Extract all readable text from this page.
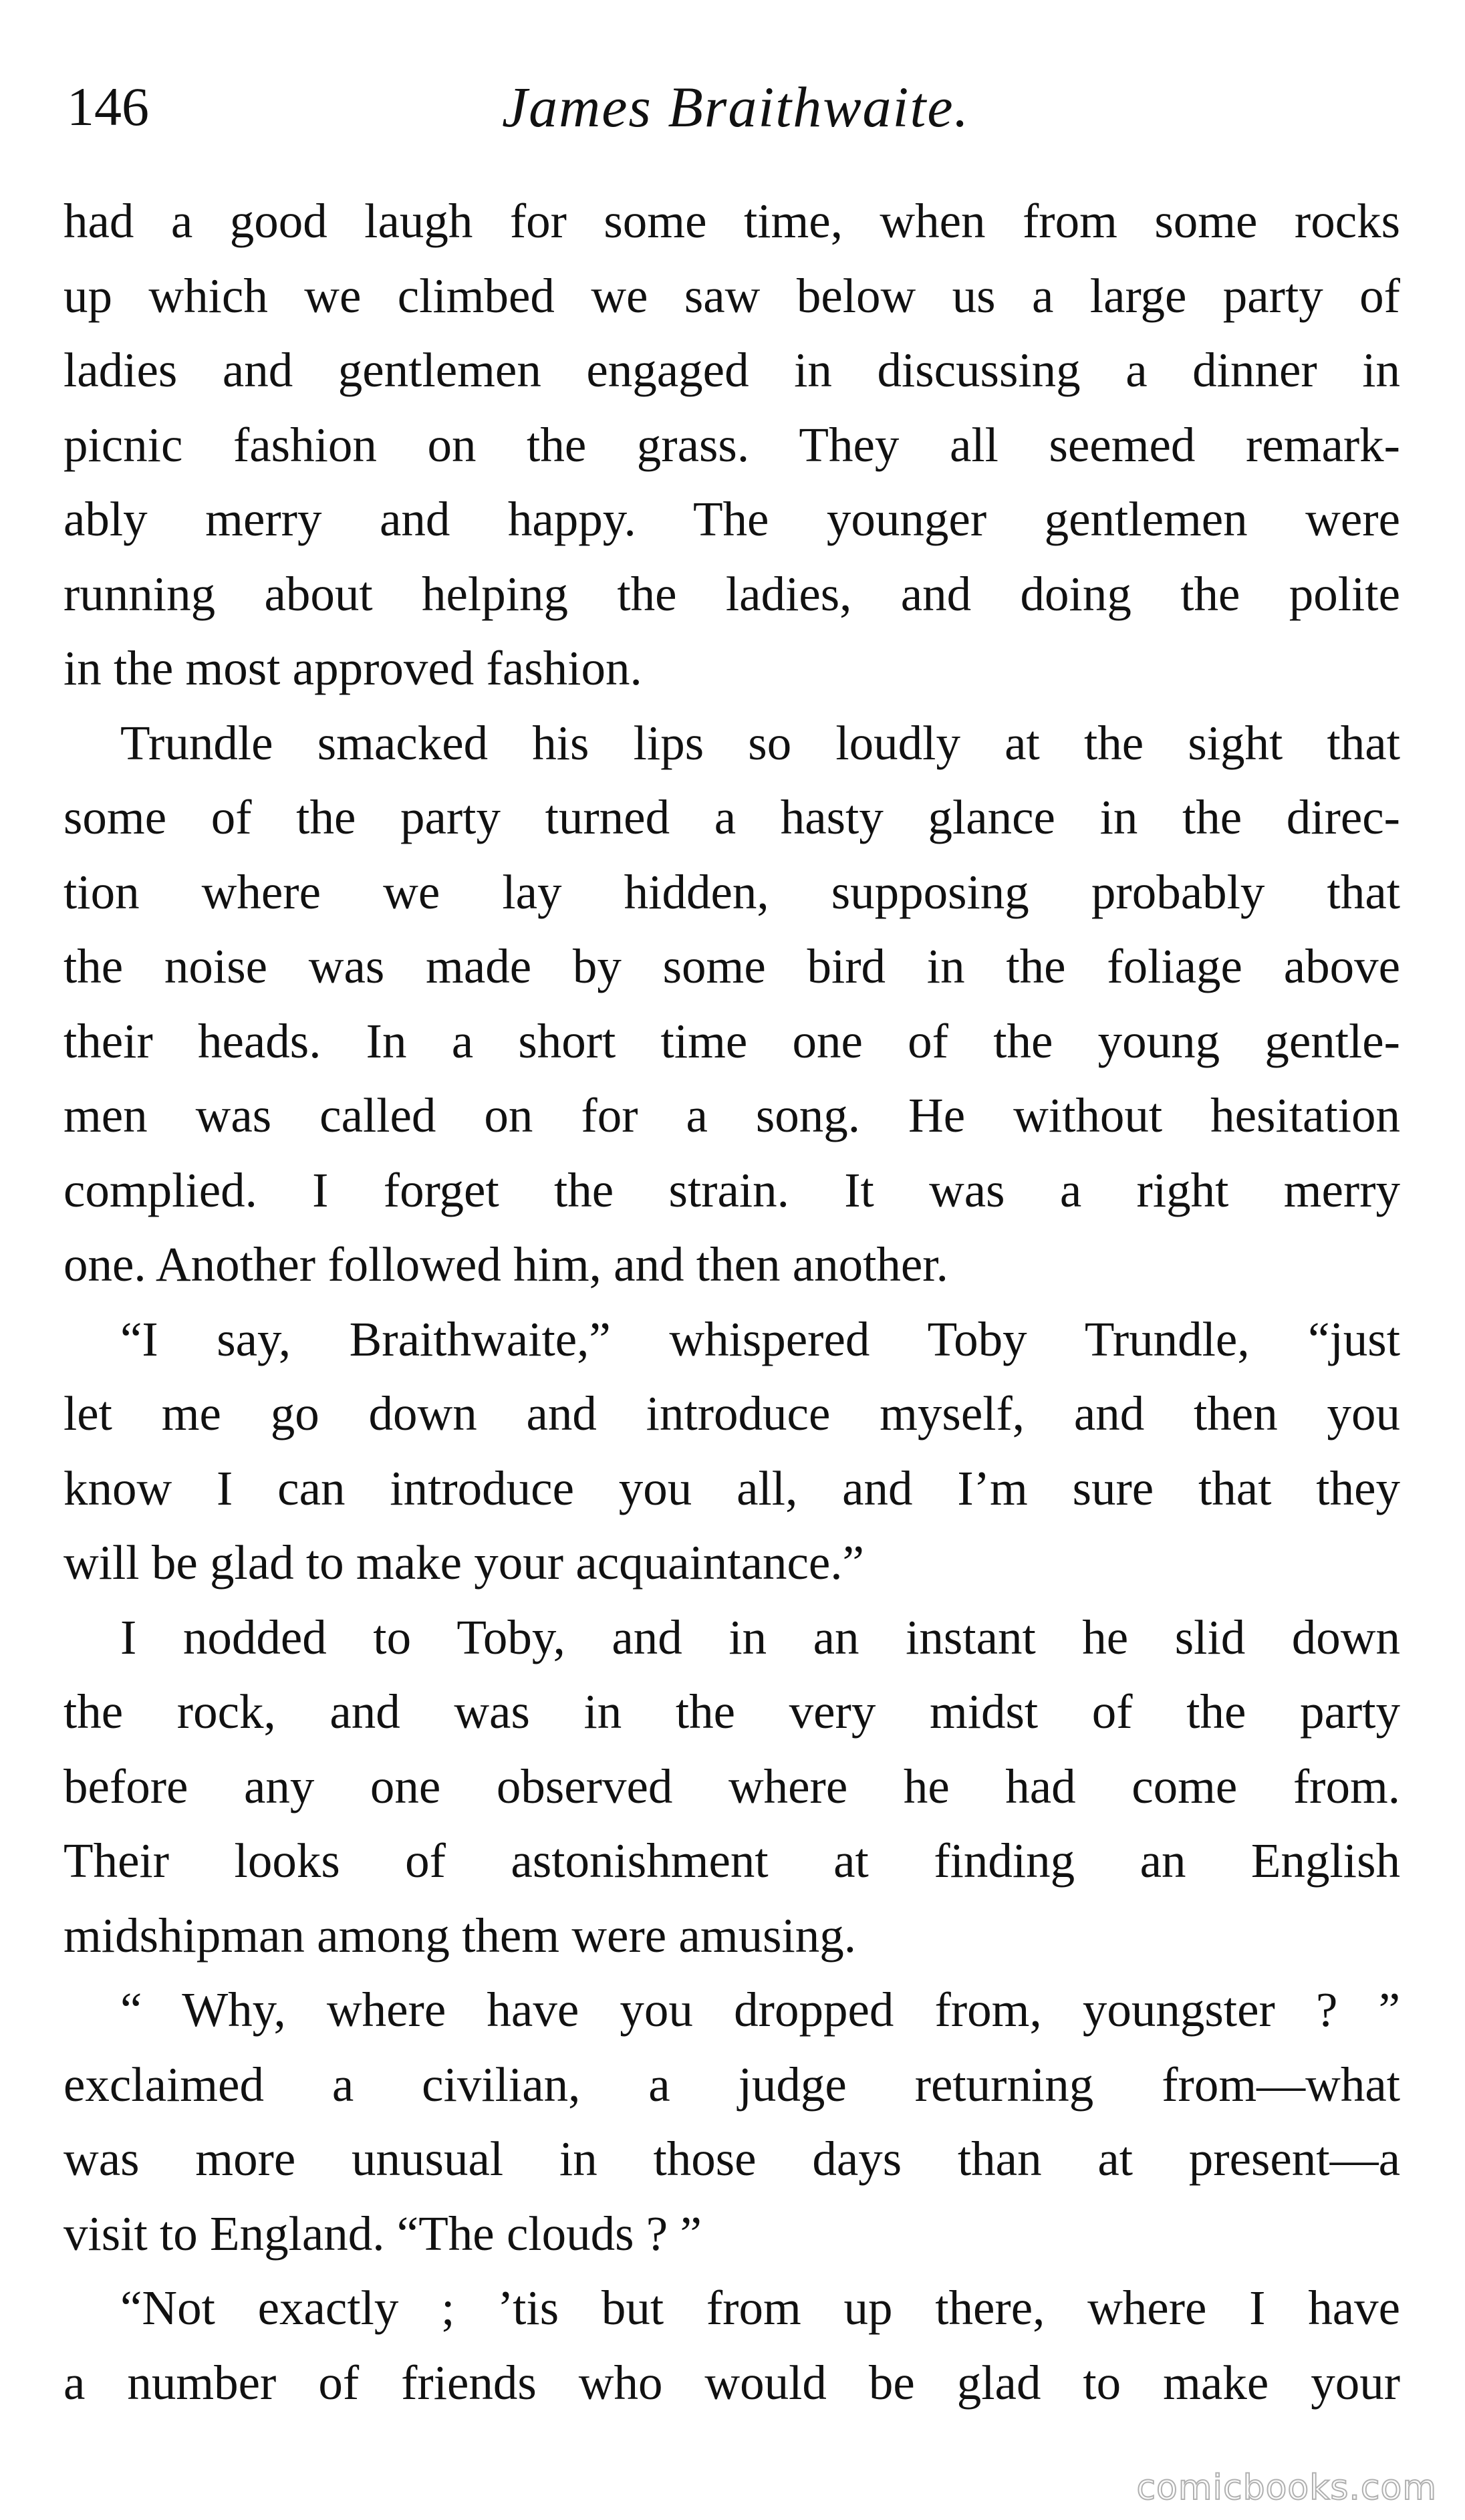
146	James Braithwaite.

had a good laugh for some time, when from some rocks
up which we climbed we saw below us a large party of
ladies and gentlemen engaged in discussing a dinner in
picnic fashion on the grass. They all seemed remark-
ably merry and happy. The younger gentlemen were
running about helping the ladies, and doing the polite
in the most approved fashion.

Trundle smacked his lips so loudly at the sight that
some of the party turned a hasty glance in the direc-
tion where we lay hidden, supposing probably that
the noise was made by some bird in the foliage above
their heads. In a short time one of the young gentle-
men was called on for a song. He without hesitation
complied. I forget the strain. It was a right merry
one. Another followed him, and then another.

“I say, Braithwaite,” whispered Toby Trundle, “just
let me go down and introduce myself, and then you
know I can introduce you all, and I’m sure that they
will be glad to make your acquaintance.”

I nodded to Toby, and in an instant he slid down
the rock, and was in the very midst of the party
before any one observed where he had come from.
Their looks of astonishment at finding an English
midshipman among them were amusing.

“ Why, where have you dropped from, youngster ? ”
exclaimed a civilian, a judge returning from—what
was more unusual in those days than at present—a
visit to England. “The clouds ? ”

“Not exactly ; ’tis but from up there, where I have
a number of friends who would be glad to make your

comicbooks.com
